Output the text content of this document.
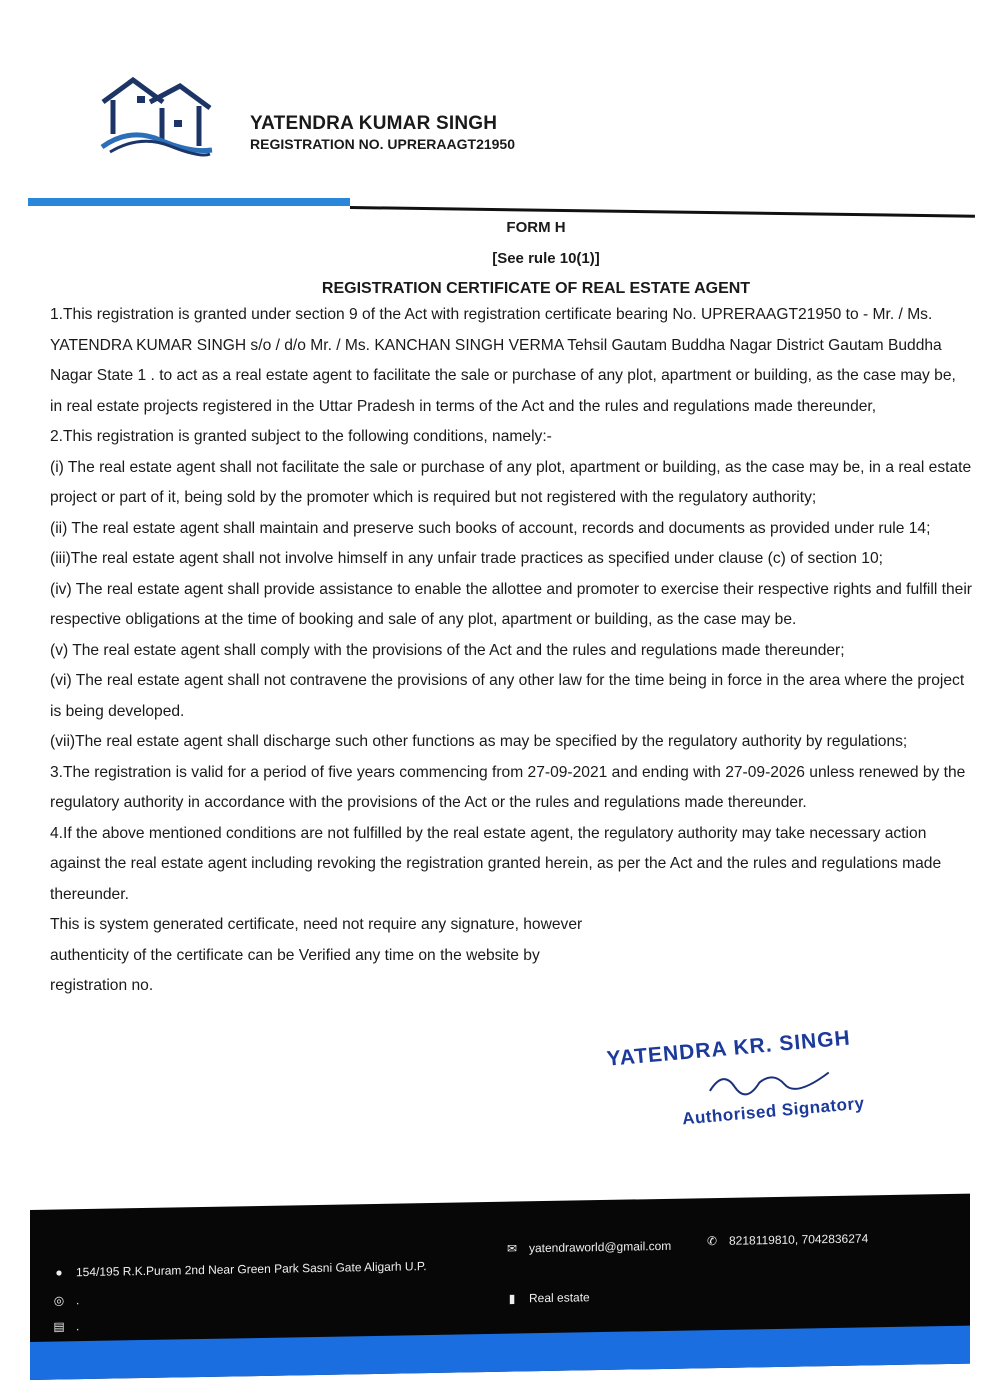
YATENDRA KUMAR SINGH
REGISTRATION NO. UPRERAAGT21950
FORM H
[See rule 10(1)]
REGISTRATION CERTIFICATE OF REAL ESTATE AGENT

1.This registration is granted under section 9 of the Act with registration certificate bearing No. UPRERAAGT21950 to - Mr. / Ms. YATENDRA KUMAR SINGH s/o / d/o Mr. / Ms. KANCHAN SINGH VERMA Tehsil Gautam Buddha Nagar District Gautam Buddha Nagar State 1 . to act as a real estate agent to facilitate the sale or purchase of any plot, apartment or building, as the case may be, in real estate projects registered in the Uttar Pradesh in terms of the Act and the rules and regulations made thereunder,

2.This registration is granted subject to the following conditions, namely:-

(i) The real estate agent shall not facilitate the sale or purchase of any plot, apartment or building, as the case may be, in a real estate project or part of it, being sold by the promoter which is required but not registered with the regulatory authority;

(ii) The real estate agent shall maintain and preserve such books of account, records and documents as provided under rule 14;

(iii)The real estate agent shall not involve himself in any unfair trade practices as specified under clause (c) of section 10;

(iv) The real estate agent shall provide assistance to enable the allottee and promoter to exercise their respective rights and fulfill their respective obligations at the time of booking and sale of any plot, apartment or building, as the case may be.

(v) The real estate agent shall comply with the provisions of the Act and the rules and regulations made thereunder;

(vi) The real estate agent shall not contravene the provisions of any other law for the time being in force in the area where the project is being developed.

(vii)The real estate agent shall discharge such other functions as may be specified by the regulatory authority by regulations;

3.The registration is valid for a period of five years commencing from 27-09-2021 and ending with 27-09-2026 unless renewed by the regulatory authority in accordance with the provisions of the Act or the rules and regulations made thereunder.

4.If the above mentioned conditions are not fulfilled by the real estate agent, the regulatory authority may take necessary action against the real estate agent including revoking the registration granted herein, as per the Act and the rules and regulations made thereunder.

This is system generated certificate, need not require any signature, however authenticity of the certificate can be Verified any time on the website by registration no.

YATENDRA KR. SINGH
Authorised Signatory
● 154/195 R.K.Puram 2nd Near Green Park Sasni Gate Aligarh U.P.
◎ .
▤ .
✉ yatendraworld@gmail.com
▮	Real estate
✆ 8218119810, 7042836274
